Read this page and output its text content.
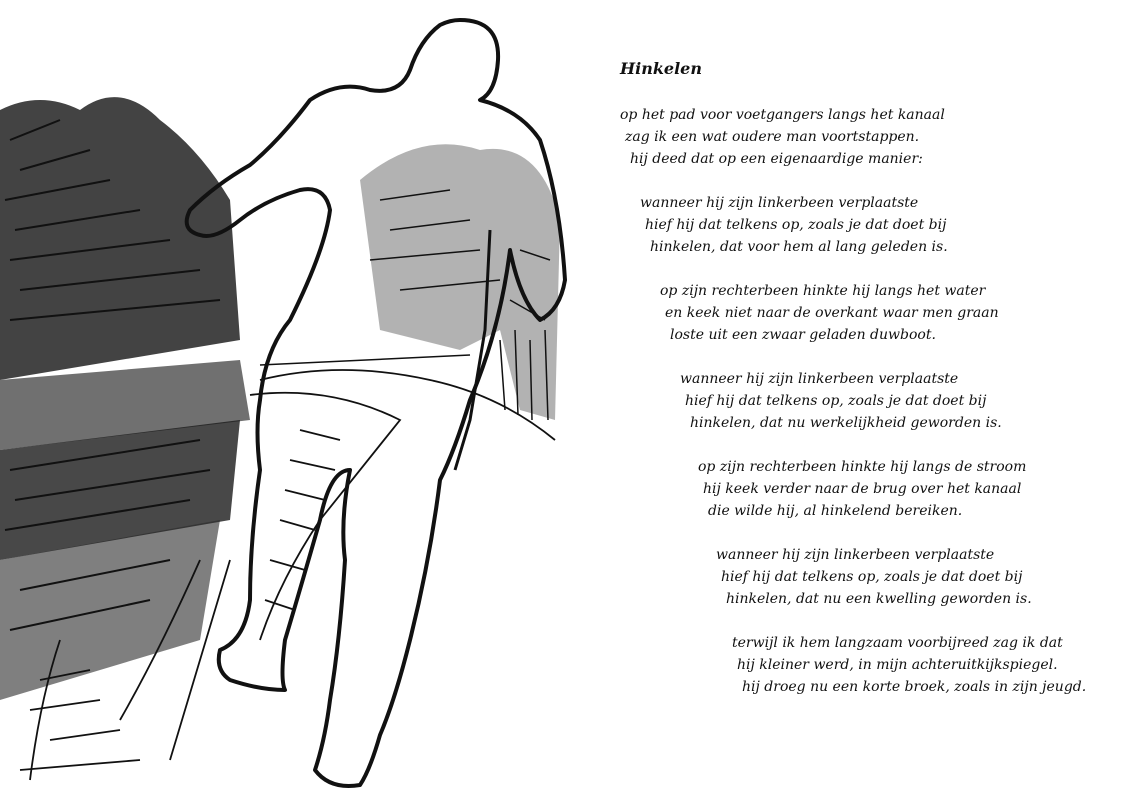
Hinkelen
op het pad voor voetgangers langs het kanaal
zag ik een wat oudere man voortstappen.
hij deed dat op een eigenaardige manier:
wanneer hij zijn linkerbeen verplaatste
hief hij dat telkens op, zoals je dat doet bij
hinkelen, dat voor hem al lang geleden is.
op zijn rechterbeen hinkte hij langs het water
en keek niet naar de overkant waar men graan
loste uit een zwaar geladen duwboot.
wanneer hij zijn linkerbeen verplaatste
hief hij dat telkens op, zoals je dat doet bij
hinkelen, dat nu werkelijkheid geworden is.
op zijn rechterbeen hinkte hij langs de stroom
hij keek verder naar de brug over het kanaal
die wilde hij, al hinkelend bereiken.
wanneer hij zijn linkerbeen verplaatste
hief hij dat telkens op, zoals je dat doet bij
hinkelen, dat nu een kwelling geworden is.
terwijl ik hem langzaam voorbijreed zag ik dat
hij kleiner werd, in mijn achteruitkijkspiegel.
hij droeg nu een korte broek, zoals in zijn jeugd.
